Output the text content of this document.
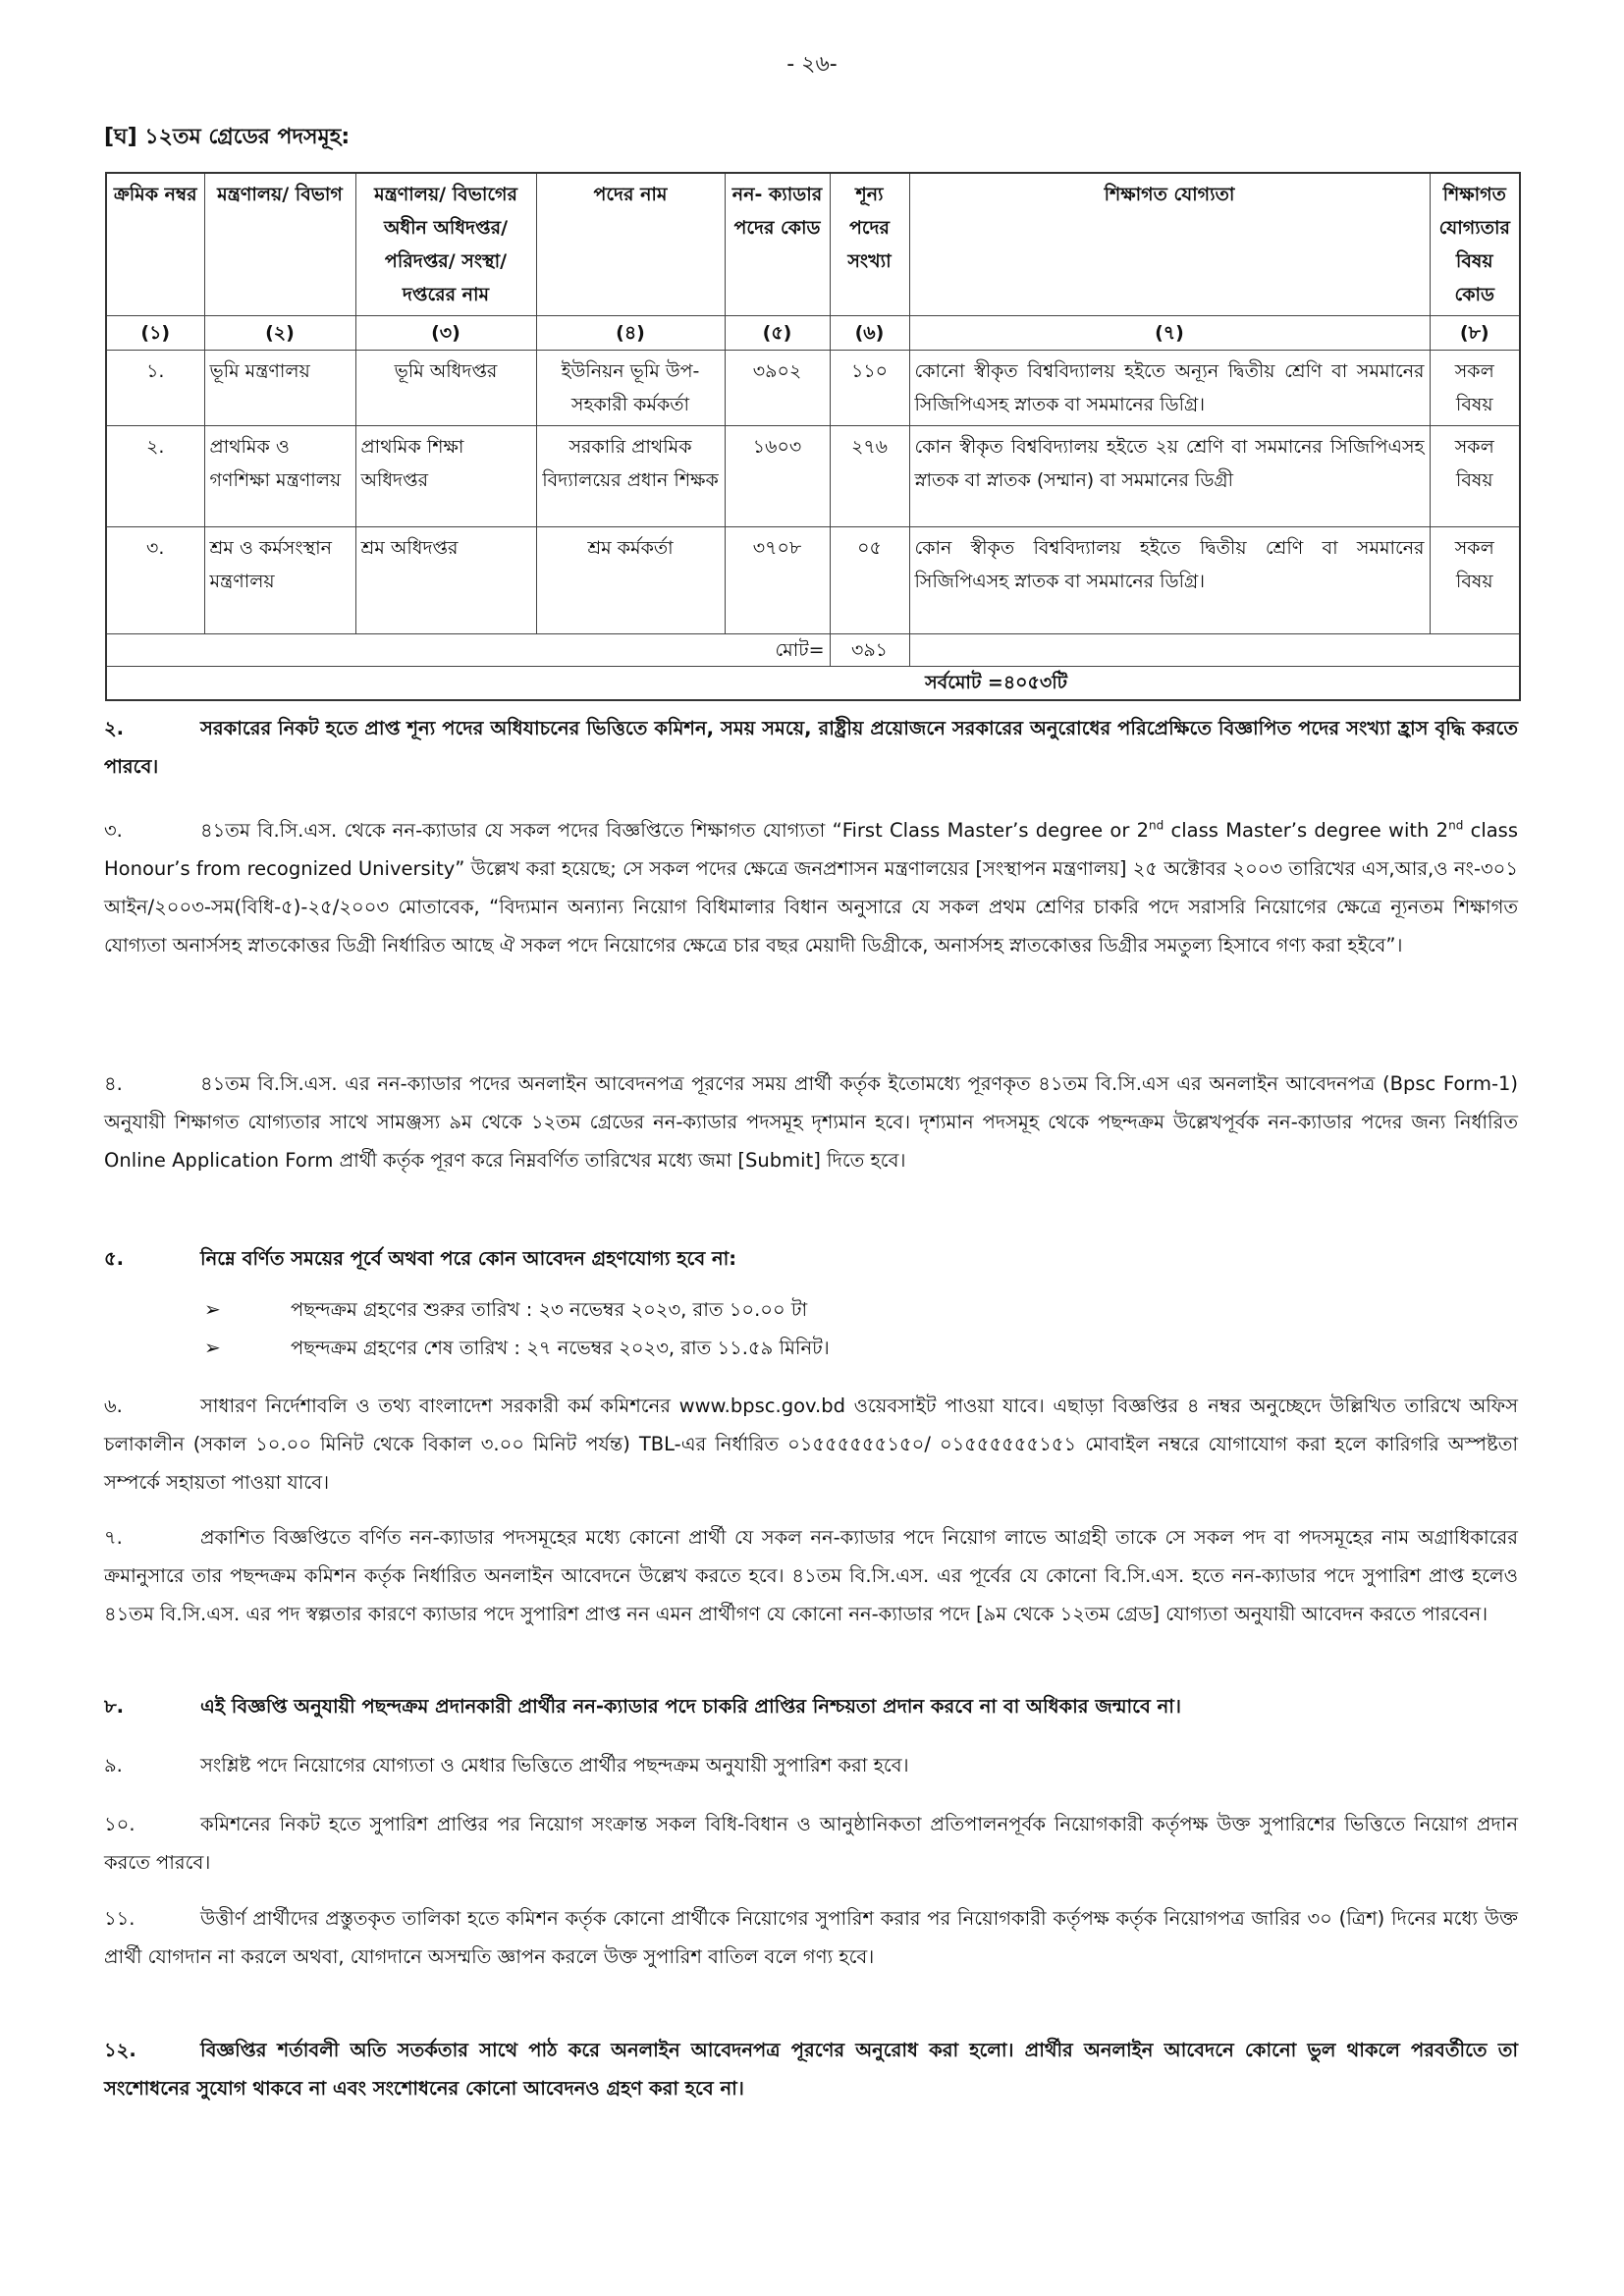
- ২৬-
[ঘ] ১২তম গ্রেডের পদসমূহ:
ক্রমিক নম্বর	মন্ত্রণালয়/ বিভাগ	মন্ত্রণালয়/ বিভাগের অধীন অধিদপ্তর/পরিদপ্তর/ সংস্থা/দপ্তরের নাম	পদের নাম	নন- ক্যাডার পদের কোড	শূন্য পদের সংখ্যা	শিক্ষাগত যোগ্যতা	শিক্ষাগত যোগ্যতার বিষয় কোড
(১)	(২)	(৩)	(৪)	(৫)	(৬)	(৭)	(৮)
১.	ভূমি মন্ত্রণালয়	ভূমি অধিদপ্তর	ইউনিয়ন ভূমি উপ-সহকারী কর্মকর্তা	৩৯০২	১১০	কোনো স্বীকৃত বিশ্ববিদ্যালয় হইতে অন্যূন দ্বিতীয় শ্রেণি বা সমমানের সিজিপিএসহ স্নাতক বা সমমানের ডিগ্রি।	সকল বিষয়
২.	প্রাথমিক ও গণশিক্ষা মন্ত্রণালয়	প্রাথমিক শিক্ষা অধিদপ্তর	সরকারি প্রাথমিক বিদ্যালয়ের প্রধান শিক্ষক	১৬০৩	২৭৬	কোন স্বীকৃত বিশ্ববিদ্যালয় হইতে ২য় শ্রেণি বা সমমানের সিজিপিএসহ স্নাতক বা স্নাতক (সম্মান) বা সমমানের ডিগ্রী	সকল বিষয়
৩.	শ্রম ও কর্মসংস্থান মন্ত্রণালয়	শ্রম অধিদপ্তর	শ্রম কর্মকর্তা	৩৭০৮	০৫	কোন স্বীকৃত বিশ্ববিদ্যালয় হইতে দ্বিতীয় শ্রেণি বা সমমানের সিজিপিএসহ স্নাতক বা সমমানের ডিগ্রি।	সকল বিষয়
মোট=					৩৯১		
সর্বমোট =৪০৫৩টি							
২.	সরকারের নিকট হতে প্রাপ্ত শূন্য পদের অধিযাচনের ভিত্তিতে কমিশন, সময় সময়ে, রাষ্ট্রীয় প্রয়োজনে সরকারের অনুরোধের পরিপ্রেক্ষিতে বিজ্ঞাপিত পদের সংখ্যা হ্রাস বৃদ্ধি করতে পারবে।
৩.	৪১তম বি.সি.এস. থেকে নন-ক্যাডার যে সকল পদের বিজ্ঞপ্তিতে শিক্ষাগত যোগ্যতা “First Class Master’s degree or 2nd class Master’s degree with 2nd class Honour’s from recognized University” উল্লেখ করা হয়েছে; সে সকল পদের ক্ষেত্রে জনপ্রশাসন মন্ত্রণালয়ের [সংস্থাপন মন্ত্রণালয়] ২৫ অক্টোবর ২০০৩ তারিখের এস,আর,ও নং-৩০১ আইন/২০০৩-সম(বিধি-৫)-২৫/২০০৩ মোতাবেক, “বিদ্যমান অন্যান্য নিয়োগ বিধিমালার বিধান অনুসারে যে সকল প্রথম শ্রেণির চাকরি পদে সরাসরি নিয়োগের ক্ষেত্রে ন্যূনতম শিক্ষাগত যোগ্যতা অনার্সসহ স্নাতকোত্তর ডিগ্রী নির্ধারিত আছে ঐ সকল পদে নিয়োগের ক্ষেত্রে চার বছর মেয়াদী ডিগ্রীকে, অনার্সসহ স্নাতকোত্তর ডিগ্রীর সমতুল্য হিসাবে গণ্য করা হইবে”।
৪.	৪১তম বি.সি.এস. এর নন-ক্যাডার পদের অনলাইন আবেদনপত্র পূরণের সময় প্রার্থী কর্তৃক ইতোমধ্যে পূরণকৃত ৪১তম বি.সি.এস এর অনলাইন আবেদনপত্র (Bpsc Form-1) অনুযায়ী শিক্ষাগত যোগ্যতার সাথে সামঞ্জস্য ৯ম থেকে ১২তম গ্রেডের নন-ক্যাডার পদসমূহ দৃশ্যমান হবে। দৃশ্যমান পদসমূহ থেকে পছন্দক্রম উল্লেখপূর্বক নন-ক্যাডার পদের জন্য নির্ধারিত Online Application Form প্রার্থী কর্তৃক পূরণ করে নিম্নবর্ণিত তারিখের মধ্যে জমা [Submit] দিতে হবে।
৫.	নিম্নে বর্ণিত সময়ের পূর্বে অথবা পরে কোন আবেদন গ্রহণযোগ্য হবে না:
➢	পছন্দক্রম গ্রহণের শুরুর তারিখ : ২৩ নভেম্বর ২০২৩, রাত ১০.০০ টা
➢	পছন্দক্রম গ্রহণের শেষ তারিখ : ২৭ নভেম্বর ২০২৩, রাত ১১.৫৯ মিনিট।
৬.	সাধারণ নির্দেশাবলি ও তথ্য বাংলাদেশ সরকারী কর্ম কমিশনের www.bpsc.gov.bd ওয়েবসাইট পাওয়া যাবে। এছাড়া বিজ্ঞপ্তির ৪ নম্বর অনুচ্ছেদে উল্লিখিত তারিখে অফিস চলাকালীন (সকাল ১০.০০ মিনিট থেকে বিকাল ৩.০০ মিনিট পর্যন্ত) TBL-এর নির্ধারিত ০১৫৫৫৫৫৫১৫০/ ০১৫৫৫৫৫৫১৫১ মোবাইল নম্বরে যোগাযোগ করা হলে কারিগরি অস্পষ্টতা সম্পর্কে সহায়তা পাওয়া যাবে।
৭.	প্রকাশিত বিজ্ঞপ্তিতে বর্ণিত নন-ক্যাডার পদসমূহের মধ্যে কোনো প্রার্থী যে সকল নন-ক্যাডার পদে নিয়োগ লাভে আগ্রহী তাকে সে সকল পদ বা পদসমূহের নাম অগ্রাধিকারের ক্রমানুসারে তার পছন্দক্রম কমিশন কর্তৃক নির্ধারিত অনলাইন আবেদনে উল্লেখ করতে হবে। ৪১তম বি.সি.এস. এর পূর্বের যে কোনো বি.সি.এস. হতে নন-ক্যাডার পদে সুপারিশ প্রাপ্ত হলেও ৪১তম বি.সি.এস. এর পদ স্বল্পতার কারণে ক্যাডার পদে সুপারিশ প্রাপ্ত নন এমন প্রার্থীগণ যে কোনো নন-ক্যাডার পদে [৯ম থেকে ১২তম গ্রেড] যোগ্যতা অনুযায়ী আবেদন করতে পারবেন।
৮.	এই বিজ্ঞপ্তি অনুযায়ী পছন্দক্রম প্রদানকারী প্রার্থীর নন-ক্যাডার পদে চাকরি প্রাপ্তির নিশ্চয়তা প্রদান করবে না বা অধিকার জন্মাবে না।
৯.	সংশ্লিষ্ট পদে নিয়োগের যোগ্যতা ও মেধার ভিত্তিতে প্রার্থীর পছন্দক্রম অনুযায়ী সুপারিশ করা হবে।
১০.	কমিশনের নিকট হতে সুপারিশ প্রাপ্তির পর নিয়োগ সংক্রান্ত সকল বিধি-বিধান ও আনুষ্ঠানিকতা প্রতিপালনপূর্বক নিয়োগকারী কর্তৃপক্ষ উক্ত সুপারিশের ভিত্তিতে নিয়োগ প্রদান করতে পারবে।
১১.	উত্তীর্ণ প্রার্থীদের প্রস্তুতকৃত তালিকা হতে কমিশন কর্তৃক কোনো প্রার্থীকে নিয়োগের সুপারিশ করার পর নিয়োগকারী কর্তৃপক্ষ কর্তৃক নিয়োগপত্র জারির ৩০ (ত্রিশ) দিনের মধ্যে উক্ত প্রার্থী যোগদান না করলে অথবা, যোগদানে অসম্মতি জ্ঞাপন করলে উক্ত সুপারিশ বাতিল বলে গণ্য হবে।
১২.	বিজ্ঞপ্তির শর্তাবলী অতি সতর্কতার সাথে পাঠ করে অনলাইন আবেদনপত্র পূরণের অনুরোধ করা হলো। প্রার্থীর অনলাইন আবেদনে কোনো ভুল থাকলে পরবর্তীতে তা সংশোধনের সুযোগ থাকবে না এবং সংশোধনের কোনো আবেদনও গ্রহণ করা হবে না।
